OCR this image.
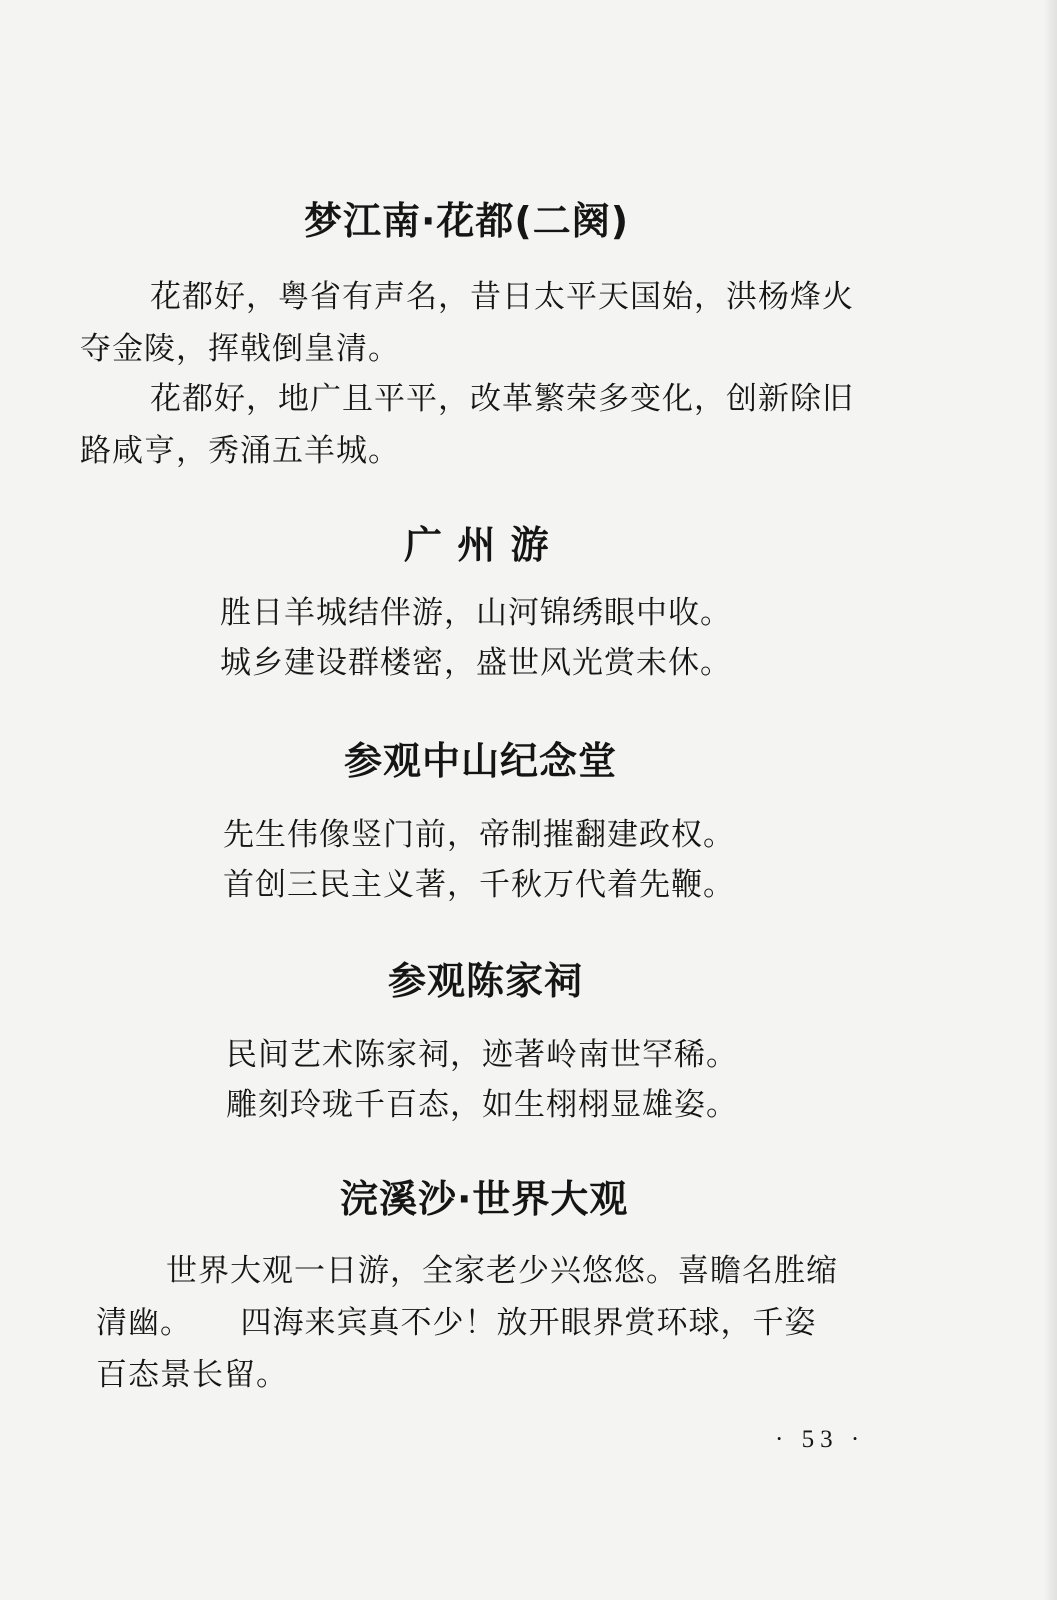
梦江南·花都(二阕)

花都好，粤省有声名，昔日太平天国始，洪杨烽火

夺金陵，挥戟倒皇清。

花都好，地广且平平，改革繁荣多变化，创新除旧

路咸亨，秀涌五羊城。

广 州 游

胜日羊城结伴游，山河锦绣眼中收。

城乡建设群楼密，盛世风光赏未休。

参观中山纪念堂

先生伟像竖门前，帝制摧翻建政权。

首创三民主义著，千秋万代着先鞭。

参观陈家祠

民间艺术陈家祠，迹著岭南世罕稀。

雕刻玲珑千百态，如生栩栩显雄姿。

浣溪沙·世界大观

世界大观一日游，全家老少兴悠悠。喜瞻名胜缩

清幽。　　四海来宾真不少！放开眼界赏环球，千姿

百态景长留。

· 53 ·
